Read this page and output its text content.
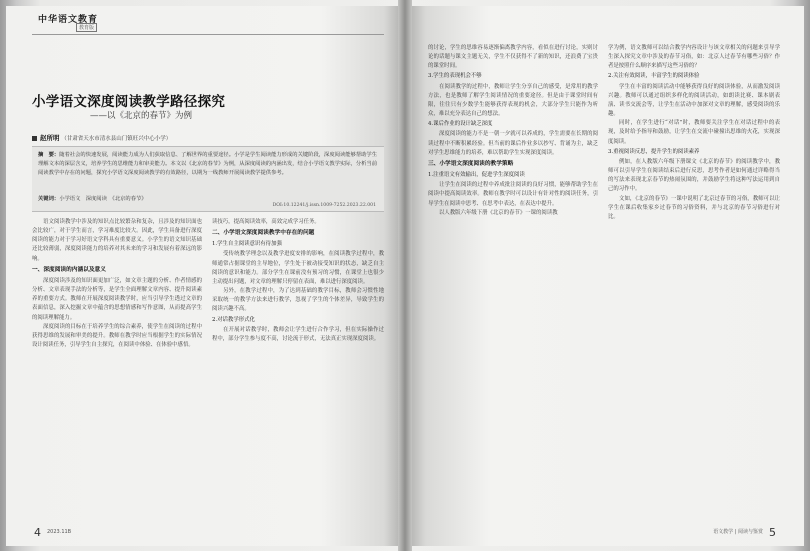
中华语文教育
教育版
小学语文深度阅读教学路径探究
——以《北京的春节》为例
赵所明 （甘肃省天水市清水县山门镇旺兴中心小学）
摘　要：随着社会的快速发展，阅读能力成为人们获取信息、了解世界的重要途径。小学是学生阅读能力形成的关键阶段，深度阅读能够帮助学生理解文本的深层含义，培养学生的思维能力和审美能力。本文以《北京的春节》为例，从深度阅读的内涵出发，结合小学语文教学实际，分析当前阅读教学中存在的问题，探究小学语文深度阅读教学的有效路径，以期为一线教师开展阅读教学提供参考。
关键词：小学语文　深度阅读　《北京的春节》
DOI:10.12241/j.issn.1009-7252.2023.22.001

语文阅读教学中涉及的知识点比较繁杂和复杂，且涉及的知识面也会比较广，对于学生而言，学习难度比较大。因此，学生具备进行深度阅读的能力对于学习好语文学科具有重要意义。小学生的语文知识基础还比较薄弱，深度阅读能力的培养对其未来的学习和发展有着深远的影响。

一、深度阅读的内涵以及意义

深度阅读涉及的知识面更加广泛，如文章主题的分析、作者情感的分析、文章表现手法的分析等，是学生全面理解文章内容、提升阅读素养的重要方式。教师在开展深度阅读教学时，应当引导学生透过文章的表面信息，深入挖掘文章中蕴含的思想情感和写作意图，从而提高学生的阅读理解能力。

深度阅读的目标在于培养学生的综合素养，使学生在阅读的过程中获得思维的发展和审美的提升。教师在教学时应当根据学生的实际情况设计阅读任务，引导学生自主探究，在阅读中体验、在体验中感悟。

读技巧，提高阅读效率，高效完成学习任务。

二、小学语文深度阅读教学中存在的问题
1.学生自主阅读意识有待加强

受传统教学理念以及教学进度安排的影响，在阅读教学过程中，教师通常占据课堂的主导地位，学生处于被动接受知识的状态，缺乏自主阅读的意识和能力。部分学生在课前没有预习的习惯，在课堂上也很少主动提出问题，对文章的理解只停留在表面，难以进行深度阅读。

另外，在教学过程中，为了达到基础的教学目标，教师会习惯性地采取统一的教学方法来进行教学，忽视了学生的个体差异，导致学生的阅读兴趣不高。

2.对话教学形式化

在开展对话教学时，教师会让学生进行合作学习，但在实际操作过程中，部分学生参与度不高，讨论流于形式，无法真正实现深度阅读。

4 2023.11B

的讨论，学生的思维容易逐渐偏离教学内容，看似在进行讨论，实则讨论的话题与课文主题无关，学生不仅获得不了新的知识，还浪费了宝贵的课堂时间。

3.学生的表现机会不够

在阅读教学的过程中，教师让学生分享自己的感受，是常用的教学方法，也是教师了解学生阅读情况的重要途径。但是由于课堂时间有限，往往只有少数学生能够获得表现的机会，大部分学生只能作为听众，难以充分表达自己的想法。

4.课后作业的设计缺乏深度

深度阅读的能力不是一朝一夕就可以养成的，学生需要在长期的阅读过程中不断积累经验。但当前的课后作业多以抄写、背诵为主，缺乏对学生思维能力的培养，难以帮助学生实现深度阅读。

三、小学语文深度阅读的教学策略
1.注重语文有效输出，促进学生深度阅读

让学生在阅读的过程中养成批注阅读的良好习惯，能够帮助学生在阅读中提高阅读效率。教师在教学时可以设计有针对性的阅读任务，引导学生在阅读中思考、在思考中表达，在表达中提升。

以人教版六年级下册《北京的春节》一课的阅读教

学为例，语文教师可以结合教学内容设计与该文章相关的问题来引导学生深入探究文章中涉及的春节习俗，如：北京人过春节有哪些习俗？作者是按照什么顺序来描写这些习俗的？

2.关注有效阅读，丰富学生的阅读体验

学生在丰富的阅读活动中能够获得良好的阅读体验，从而激发阅读兴趣。教师可以通过组织多样化的阅读活动，如朗读比赛、课本剧表演、读书交流会等，让学生在活动中加深对文章的理解，感受阅读的乐趣。

同时，在学生进行“对话”时，教师要关注学生在对话过程中的表现，及时给予指导和鼓励，让学生在交流中碰撞出思维的火花，实现深度阅读。

3.重视阅读反思，提升学生的阅读素养

例如，在人教版六年级下册课文《北京的春节》的阅读教学中，教师可以引导学生在阅读结束后进行反思，思考作者是如何通过详略得当的写法来表现北京春节的热闹氛围的，并鼓励学生将这种写法运用到自己的习作中。

文如，《北京的春节》一课中说明了北京过春节的习俗，教师可以让学生在课后收集家乡过春节的习俗资料，并与北京的春节习俗进行对比。

语文教学 | 阅读与鉴赏 5
